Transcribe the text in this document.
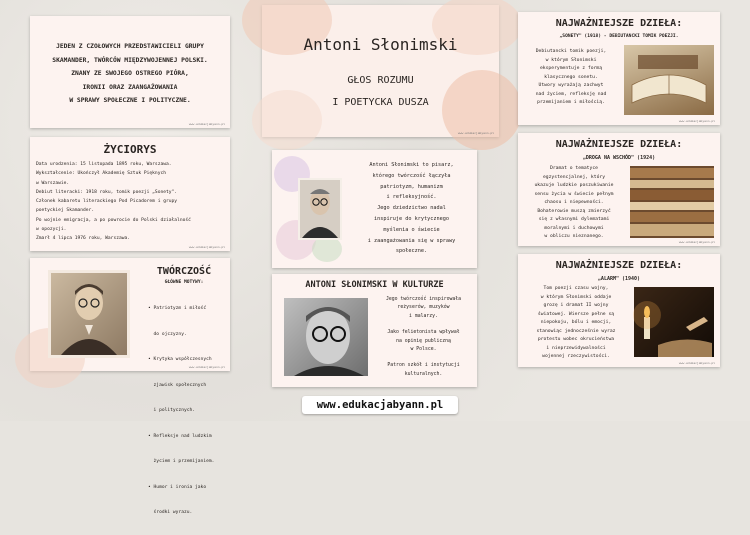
JEDEN Z CZOŁOWYCH PRZEDSTAWICIELI GRUPY
SKAMANDER, TWÓRCÓW MIĘDZYWOJENNEJ POLSKI.
ZNANY ZE SWOJEGO OSTREGO PIÓRA,
IRONII ORAZ ZAANGAŻOWANIA
W SPRAWY SPOŁECZNE I POLITYCZNE.
www.edukacjabyann.pl
Antoni Słonimski
GŁOS ROZUMU
I POETYCKA DUSZA
www.edukacjabyann.pl
ŻYCIORYS
Data urodzenia: 15 listopada 1895 roku, Warszawa.
Wykształcenie: Ukończył Akademię Sztuk Pięknych
w Warszawie.
Debiut literacki: 1918 roku, tomik poezji „Sonety".
Członek kabaretu literackiego Pod Picadorem i grupy
poetyckiej Skamander.
Po wojnie emigracja, a po powrocie do Polski działalność
w opozycji.
Zmarł 4 lipca 1976 roku, Warszawa.
www.edukacjabyann.pl
TWÓRCZOŚĆ
GŁÓWNE MOTYWY:

• Patriotyzm i miłość

do ojczyzny.

• Krytyka współczesnych

zjawisk społecznych

i politycznych.

• Refleksje nad ludzkim

życiem i przemijaniem.

• Humor i ironia jako

środki wyrazu.

www.edukacjabyann.pl
Antoni Słonimski to pisarz,
którego twórczość łączyła
patriotyzm, humanizm
i refleksyjność.
Jego dziedzictwo nadal
inspiruje do krytycznego
myślenia o świecie
i zaangażowania się w sprawy
społeczne.
ANTONI SŁONIMSKI W KULTURZE
Jego twórczość inspirowała
reżyserów, muzyków
i malarzy.
Jako felietonista wpływał
na opinię publiczną
w Polsce.
Patron szkół i instytucji
kulturalnych.
NAJWAŻNIEJSZE DZIEŁA:
„SONETY" (1918) - DEBIUTANCKI TOMIK POEZJI.
Debiutancki tomik poezji,
w którym Słonimski
eksperymentuje z formą
klasycznego sonetu.
Utwory wyrażają zachwyt
nad życiem, refleksję nad
przemijaniem i miłością.
www.edukacjabyann.pl
NAJWAŻNIEJSZE DZIEŁA:
„DROGA NA WSCHÓD" (1924)
Dramat o tematyce
egzystencjalnej, który
ukazuje ludzkie poszukiwanie
sensu życia w świecie pełnym
chaosu i niepewności.
Bohaterowie muszą zmierzyć
się z własnymi dylematami
moralnymi i duchowymi
w obliczu nieznanego.
www.edukacjabyann.pl
NAJWAŻNIEJSZE DZIEŁA:
„ALARM" (1940)
Tom poezji czasu wojny,
w którym Słonimski oddaje
grozę i dramat II wojny
światowej. Wiersze pełne są
niepokoju, bólu i emocji,
stanowiąc jednocześnie wyraz
protestu wobec okrucieństwa
i nieprzewidywalności
wojennej rzeczywistości.
www.edukacjabyann.pl
www.edukacjabyann.pl
